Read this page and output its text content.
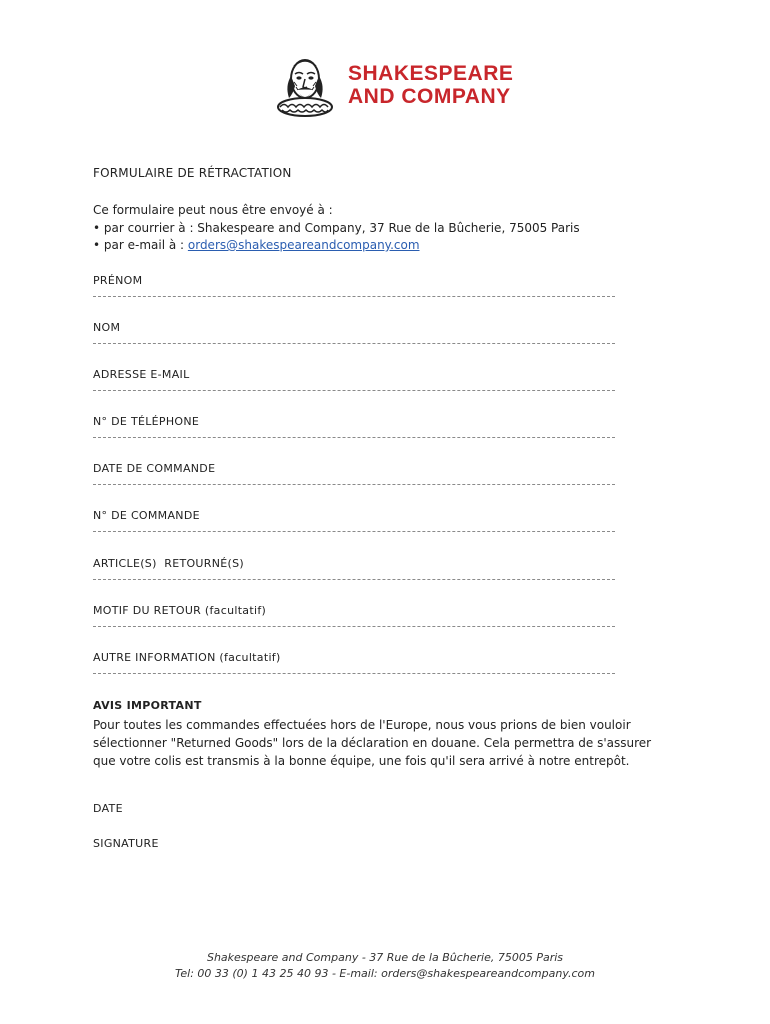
SHAKESPEARE
AND COMPANY
FORMULAIRE DE RÉTRACTATION
Ce formulaire peut nous être envoyé à :
• par courrier à : Shakespeare and Company, 37 Rue de la Bûcherie, 75005 Paris
• par e-mail à : orders@shakespeareandcompany.com
PRÉNOM
NOM
ADRESSE E-MAIL
N° DE TÉLÉPHONE
DATE DE COMMANDE
N° DE COMMANDE
ARTICLE(S)  RETOURNÉ(S)
MOTIF DU RETOUR (facultatif)
AUTRE INFORMATION (facultatif)
AVIS IMPORTANT
Pour toutes les commandes effectuées hors de l'Europe, nous vous prions de bien vouloir
sélectionner "Returned Goods" lors de la déclaration en douane. Cela permettra de s'assurer
que votre colis est transmis à la bonne équipe, une fois qu'il sera arrivé à notre entrepôt.
DATE
SIGNATURE
Shakespeare and Company - 37 Rue de la Bûcherie, 75005 Paris
Tel: 00 33 (0) 1 43 25 40 93 - E-mail: orders@shakespeareandcompany.com
